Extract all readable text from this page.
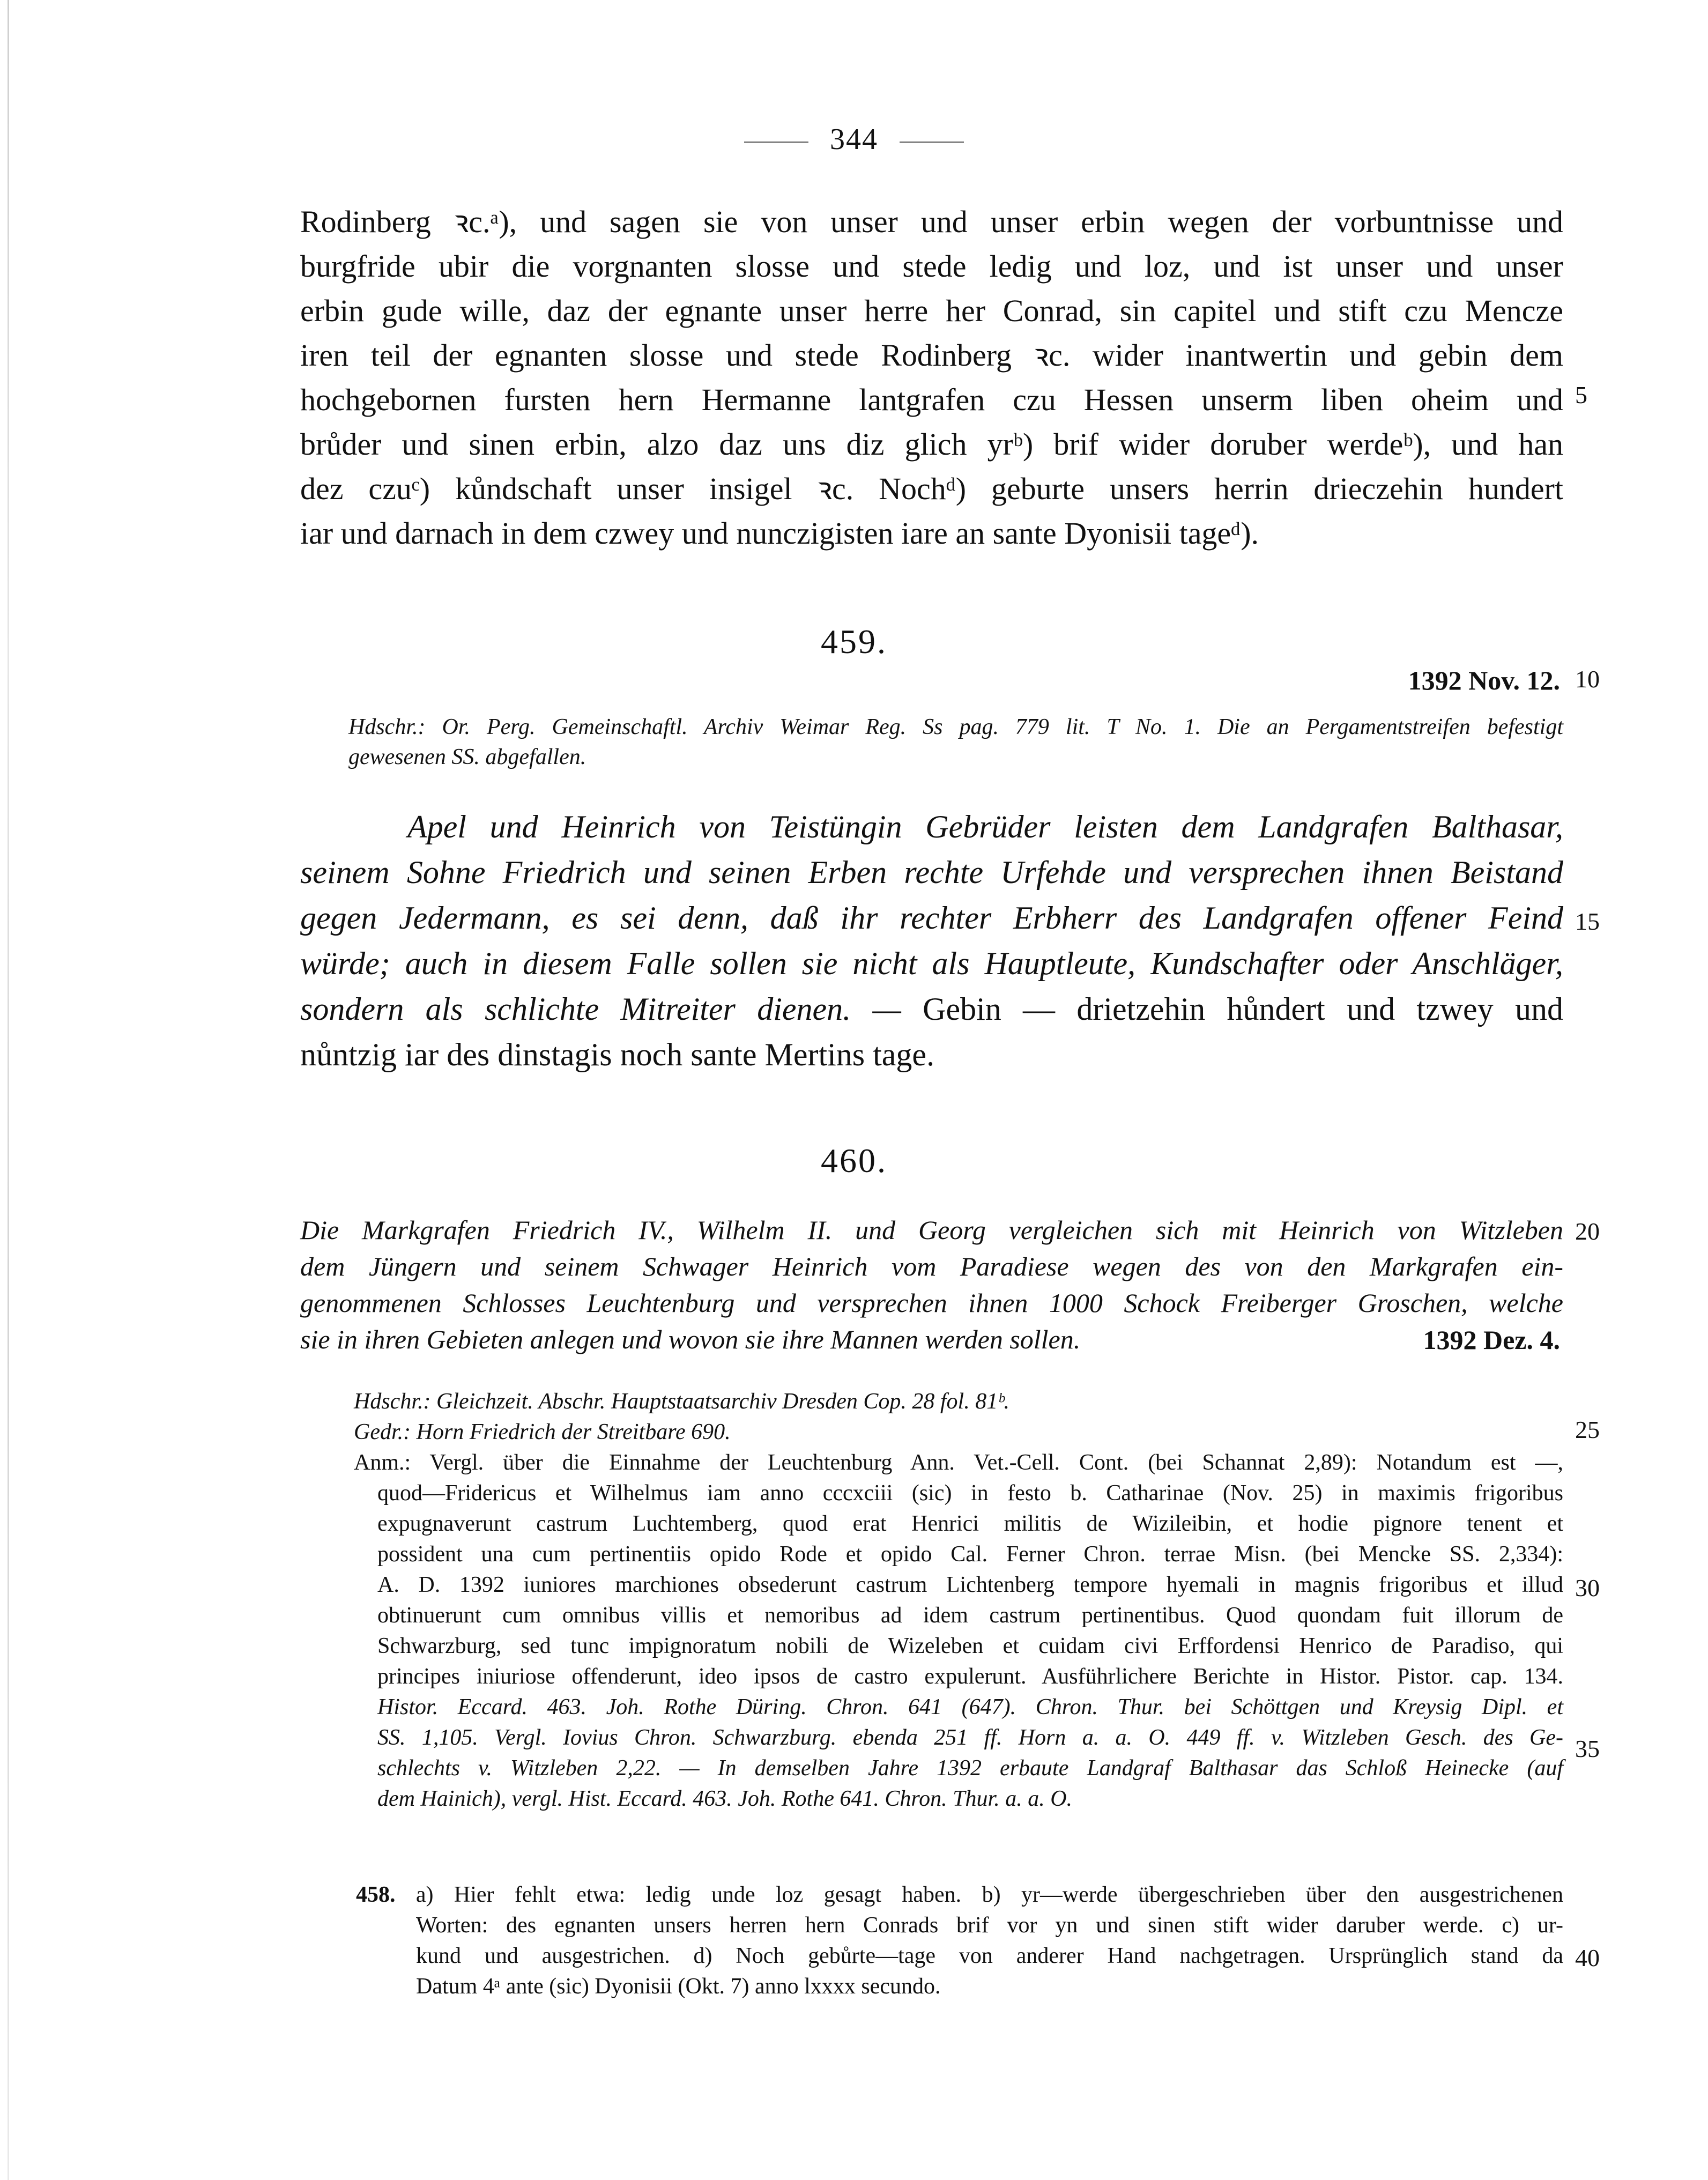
344
Rodinberg ꝛc.ᵃ), und sagen sie von unser und unser erbin wegen der vorbuntnisse und
burgfride ubir die vorgnanten slosse und stede ledig und loz, und ist unser und unser
erbin gude wille, daz der egnante unser herre her Conrad, sin capitel und stift czu Mencze
iren teil der egnanten slosse und stede Rodinberg ꝛc. wider inantwertin und gebin dem
hochgebornen fursten hern Hermanne lantgrafen czu Hessen unserm liben oheim und
brůder und sinen erbin, alzo daz uns diz glich yrᵇ) brif wider doruber werdeᵇ), und han
dez czuᶜ) kůndschaft unser insigel ꝛc. Nochᵈ) geburte unsers herrin drieczehin hundert
iar und darnach in dem czwey und nunczigisten iare an sante Dyonisii tageᵈ).
5
10
15
20
25
30
35
40
459.
1392 Nov. 12.
Hdschr.: Or. Perg. Gemeinschaftl. Archiv Weimar Reg. Ss pag. 779 lit. T No. 1. Die an Pergamentstreifen befestigt
gewesenen SS. abgefallen.
Apel und Heinrich von Teistüngin Gebrüder leisten dem Landgrafen Balthasar,
seinem Sohne Friedrich und seinen Erben rechte Urfehde und versprechen ihnen Beistand
gegen Jedermann, es sei denn, daß ihr rechter Erbherr des Landgrafen offener Feind
würde; auch in diesem Falle sollen sie nicht als Hauptleute, Kundschafter oder Anschläger,
sondern als schlichte Mitreiter dienen. — Gebin — drietzehin hůndert und tzwey und
nůntzig iar des dinstagis noch sante Mertins tage.
460.
Die Markgrafen Friedrich IV., Wilhelm II. und Georg vergleichen sich mit Heinrich von Witzleben
dem Jüngern und seinem Schwager Heinrich vom Paradiese wegen des von den Markgrafen ein-
genommenen Schlosses Leuchtenburg und versprechen ihnen 1000 Schock Freiberger Groschen, welche
sie in ihren Gebieten anlegen und wovon sie ihre Mannen werden sollen.	1392 Dez. 4.
Hdschr.: Gleichzeit. Abschr. Hauptstaatsarchiv Dresden Cop. 28 fol. 81ᵇ.
Gedr.: Horn Friedrich der Streitbare 690.
Anm.: Vergl. über die Einnahme der Leuchtenburg Ann. Vet.-Cell. Cont. (bei Schannat 2,89): Notandum est —,
quod—Fridericus et Wilhelmus iam anno cccxciii (sic) in festo b. Catharinae (Nov. 25) in maximis frigoribus
expugnaverunt castrum Luchtemberg, quod erat Henrici militis de Wizileibin, et hodie pignore tenent et
possident una cum pertinentiis opido Rode et opido Cal. Ferner Chron. terrae Misn. (bei Mencke SS. 2,334):
A. D. 1392 iuniores marchiones obsederunt castrum Lichtenberg tempore hyemali in magnis frigoribus et illud
obtinuerunt cum omnibus villis et nemoribus ad idem castrum pertinentibus. Quod quondam fuit illorum de
Schwarzburg, sed tunc impignoratum nobili de Wizeleben et cuidam civi Erffordensi Henrico de Paradiso, qui
principes iniuriose offenderunt, ideo ipsos de castro expulerunt. Ausführlichere Berichte in Histor. Pistor. cap. 134.
Histor. Eccard. 463. Joh. Rothe Düring. Chron. 641 (647). Chron. Thur. bei Schöttgen und Kreysig Dipl. et
SS. 1,105. Vergl. Iovius Chron. Schwarzburg. ebenda 251 ff. Horn a. a. O. 449 ff. v. Witzleben Gesch. des Ge-
schlechts v. Witzleben 2,22. — In demselben Jahre 1392 erbaute Landgraf Balthasar das Schloß Heinecke (auf
dem Hainich), vergl. Hist. Eccard. 463. Joh. Rothe 641. Chron. Thur. a. a. O.
458. a) Hier fehlt etwa: ledig unde loz gesagt haben. b) yr—werde übergeschrieben über den ausgestrichenen
Worten: des egnanten unsers herren hern Conrads brif vor yn und sinen stift wider daruber werde. c) ur-
kund und ausgestrichen. d) Noch gebůrte—tage von anderer Hand nachgetragen. Ursprünglich stand da
Datum 4ᵃ ante (sic) Dyonisii (Okt. 7) anno lxxxx secundo.
